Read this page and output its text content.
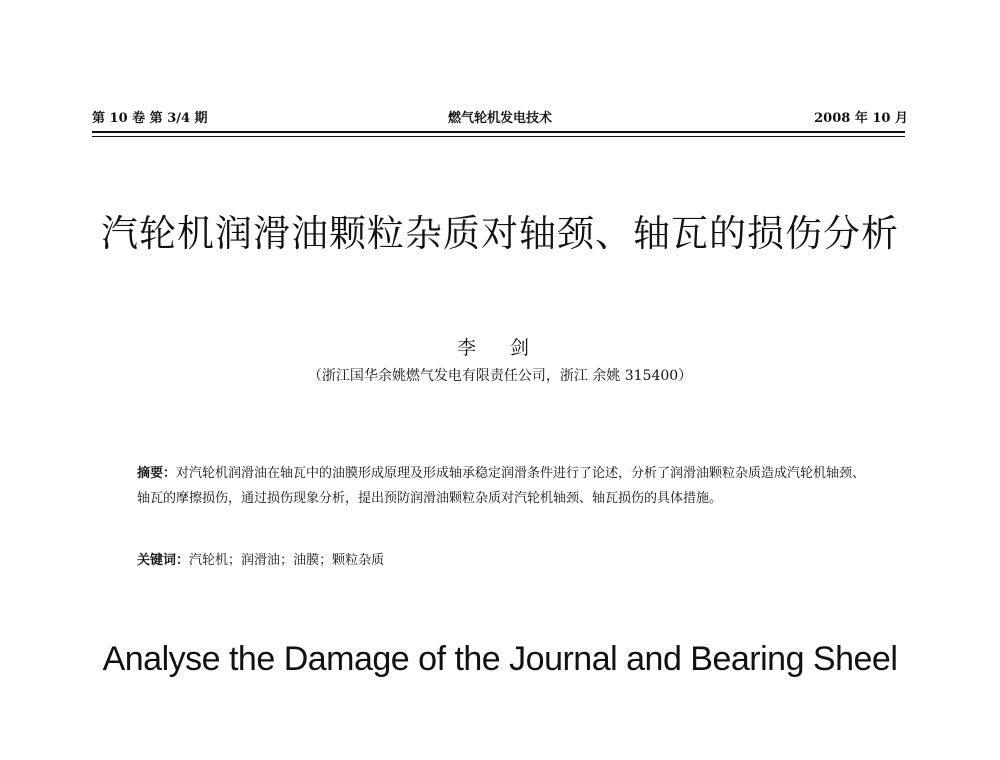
第 10 卷 第 3/4 期	燃气轮机发电技术	2008 年 10 月
汽轮机润滑油颗粒杂质对轴颈、轴瓦的损伤分析
李 剑
（浙江国华余姚燃气发电有限责任公司，浙江 余姚 315400）
摘要：对汽轮机润滑油在轴瓦中的油膜形成原理及形成轴承稳定润滑条件进行了论述，分析了润滑油颗粒杂质造成汽轮机轴颈、轴瓦的摩擦损伤，通过损伤现象分析，提出预防润滑油颗粒杂质对汽轮机轴颈、轴瓦损伤的具体措施。
关键词：汽轮机；润滑油；油膜；颗粒杂质
Analyse the Damage of the Journal and Bearing Sheel
